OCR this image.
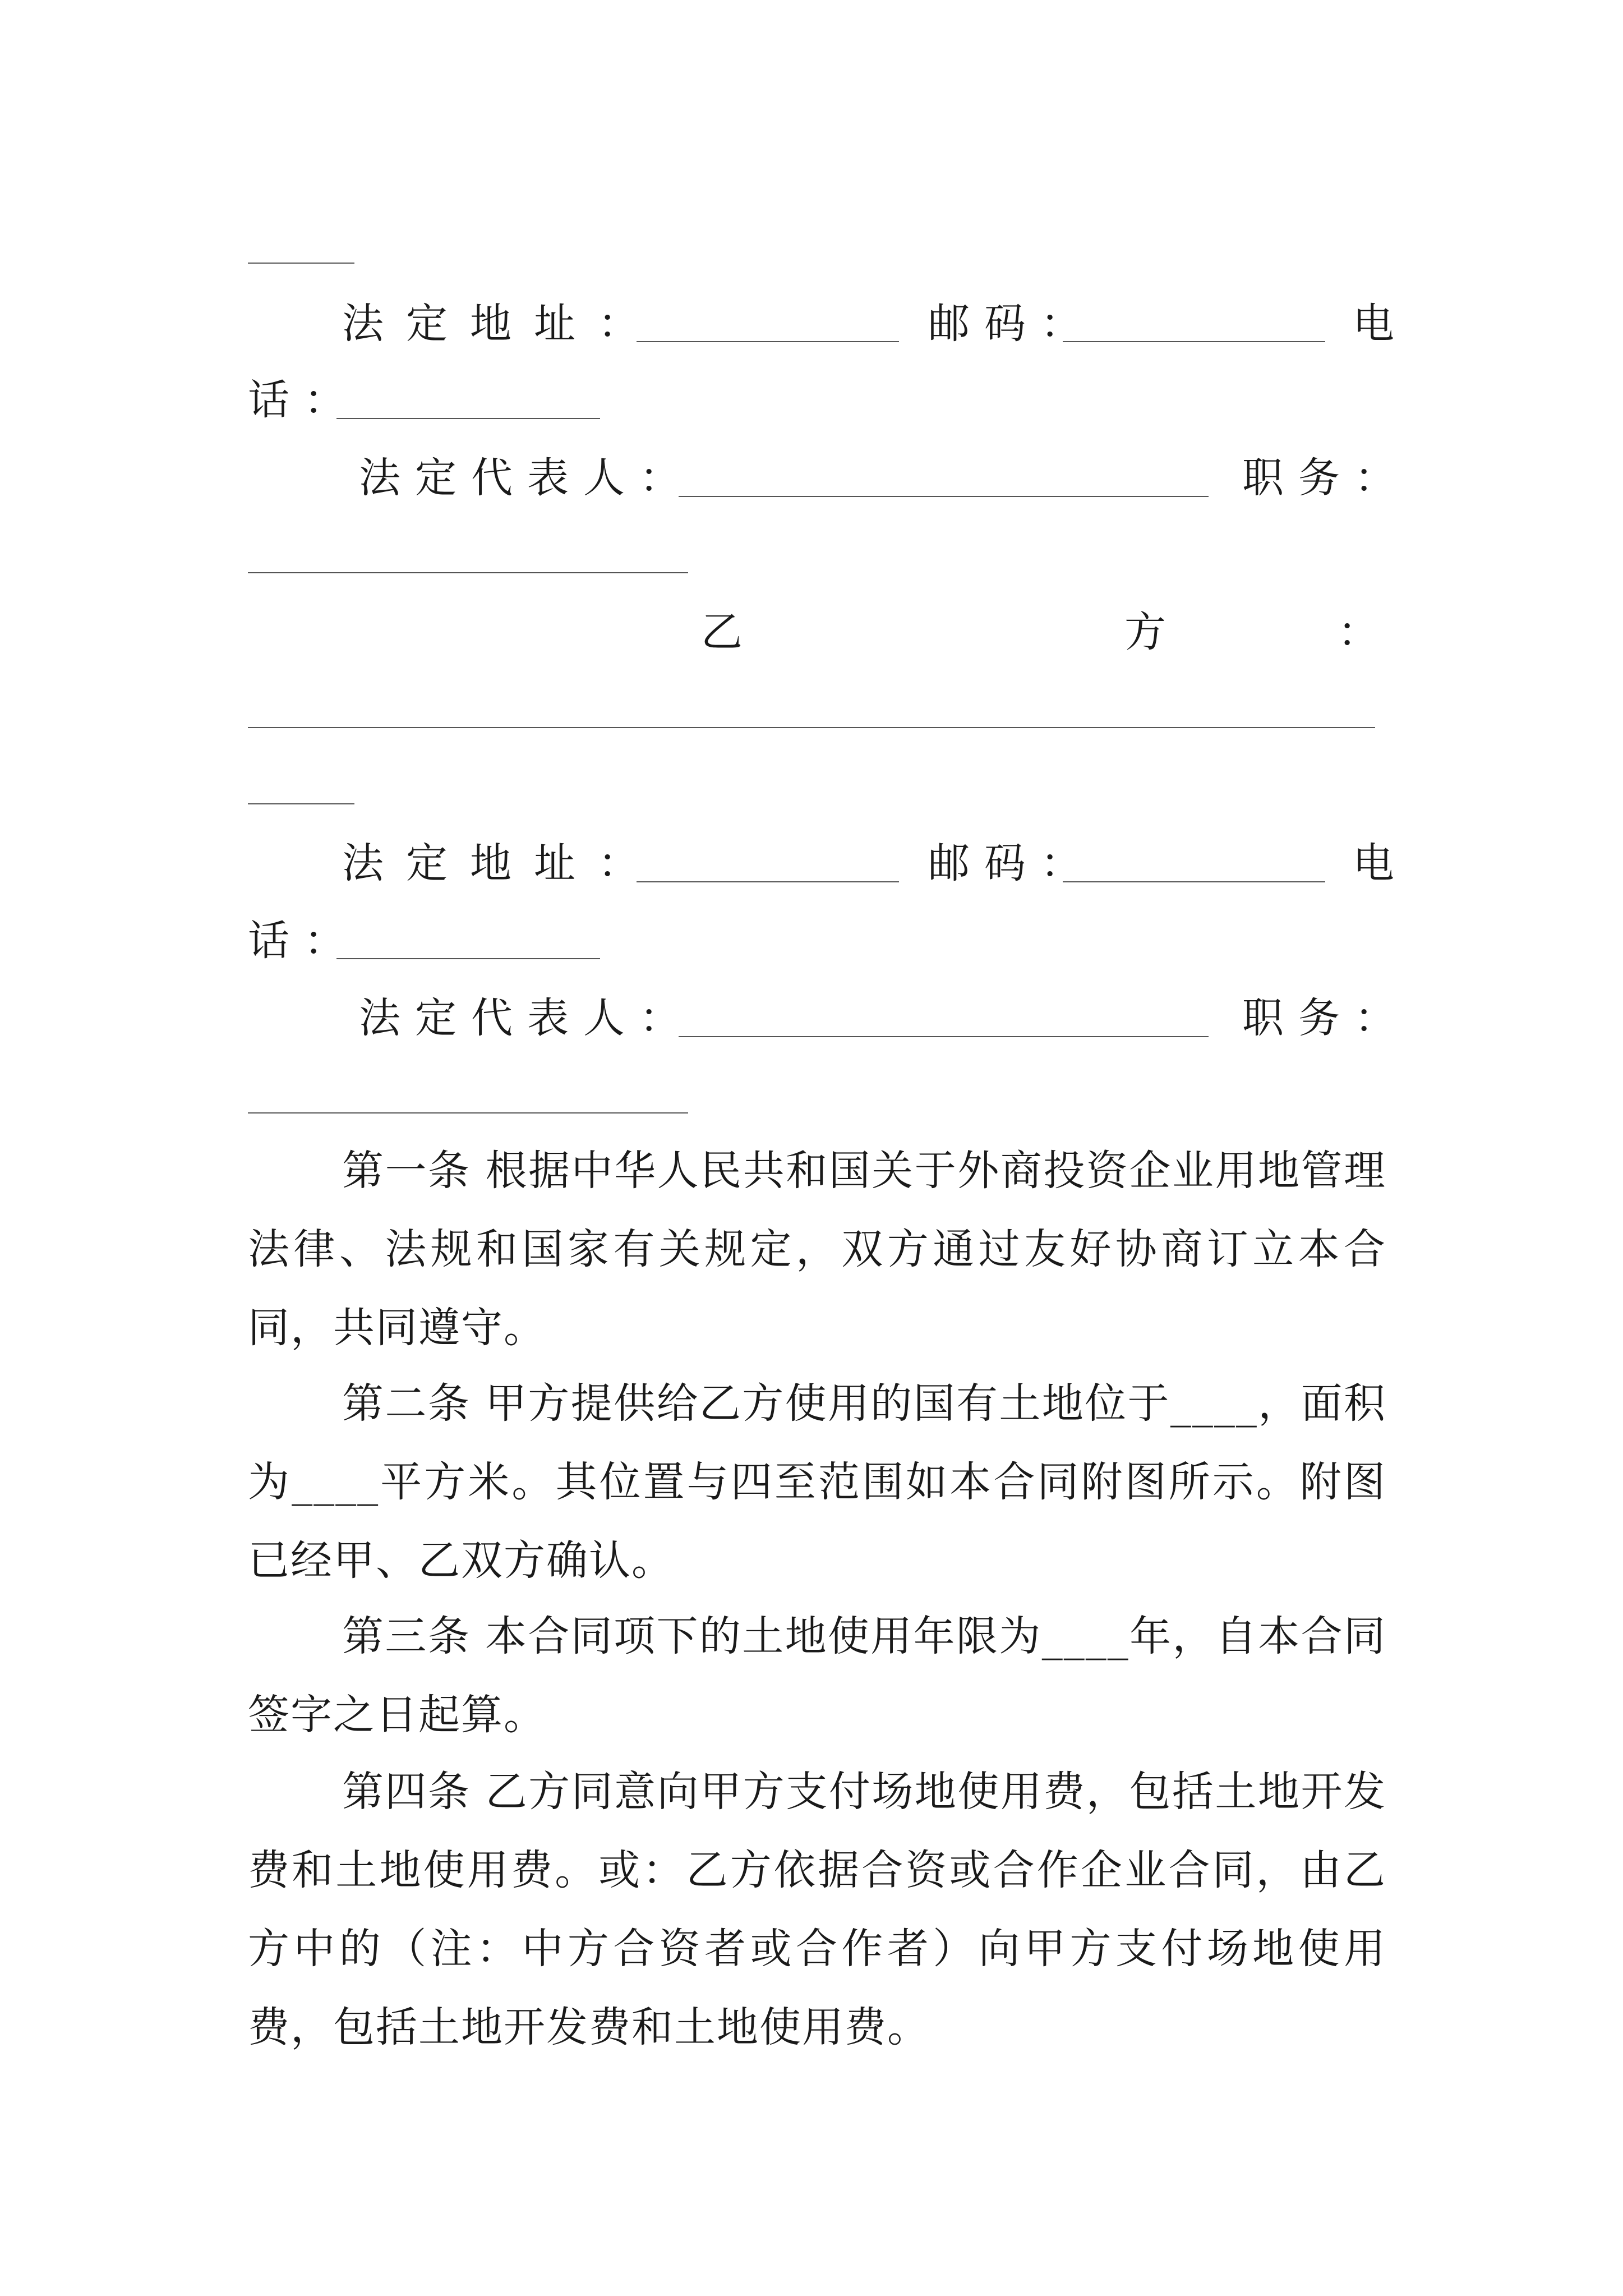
法定地址：	邮码：	电
话：
法定代表人：	职务：
乙	方	：
法定地址：	邮码：	电
话：
法定代表人：	职务：

第一条 根据中华人民共和国关于外商投资企业用地管理法律、法规和国家有关规定，双方通过友好协商订立本合同，共同遵守。

第二条 甲方提供给乙方使用的国有土地位于____，面积为____平方米。其位置与四至范围如本合同附图所示。附图已经甲、乙双方确认。

第三条 本合同项下的土地使用年限为____年，自本合同签字之日起算。

第四条 乙方同意向甲方支付场地使用费，包括土地开发费和土地使用费。或：乙方依据合资或合作企业合同，由乙方中的（注：中方合资者或合作者）向甲方支付场地使用费，包括土地开发费和土地使用费。
